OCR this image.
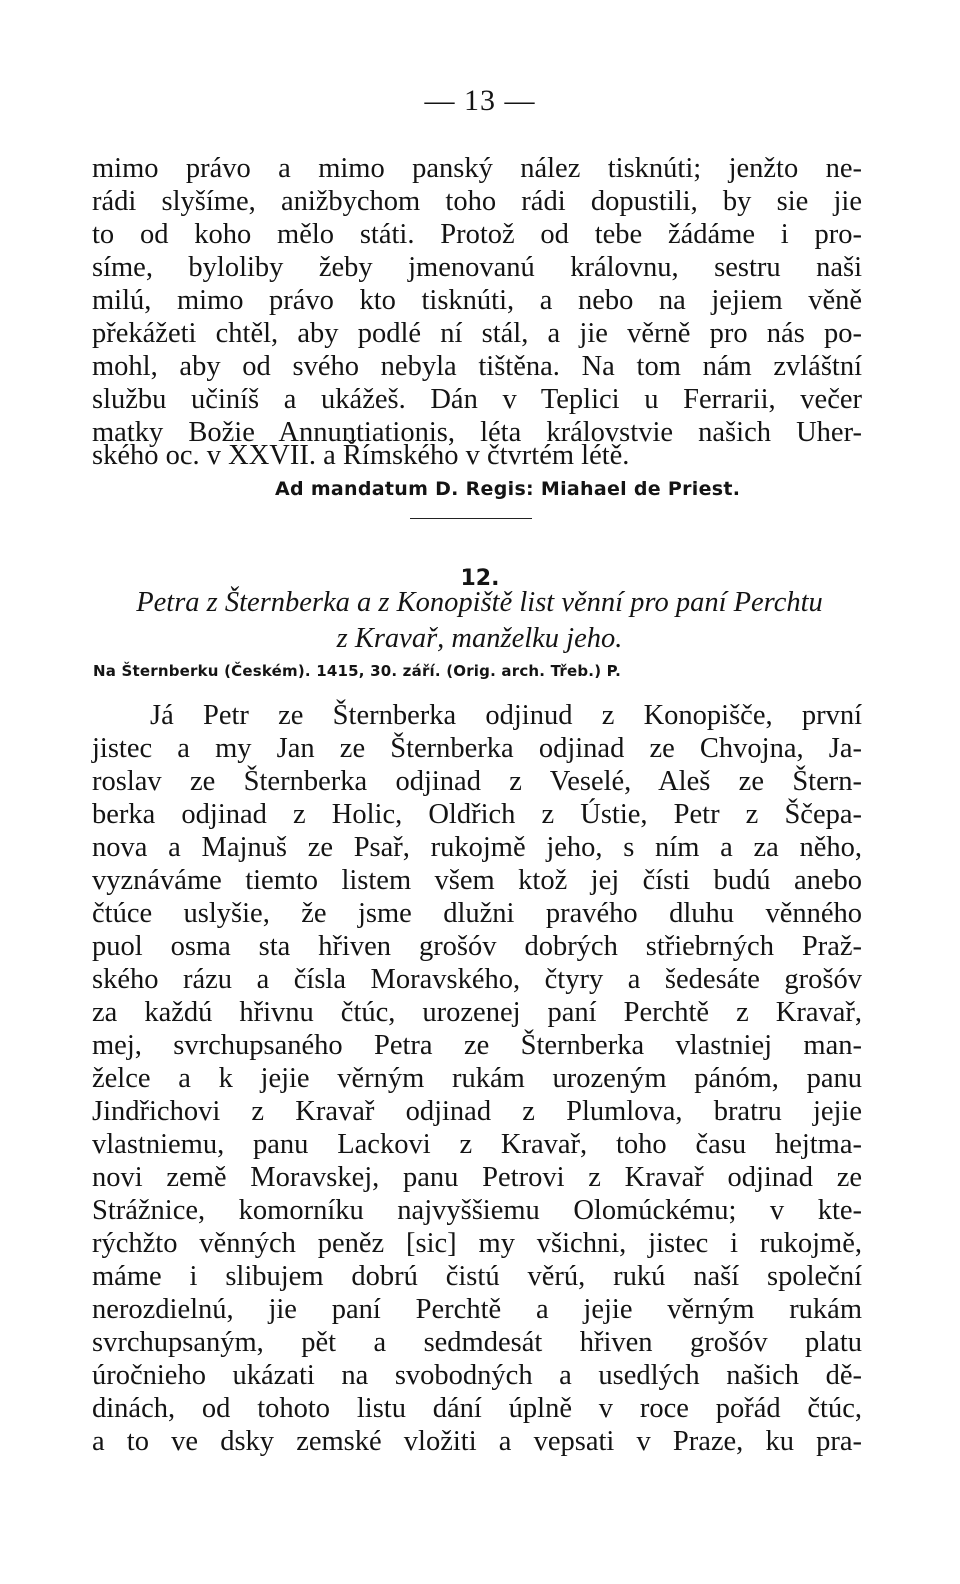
— 13 —
mimo právo a mimo panský nález tisknúti; jenžto ne-
rádi slyšíme, anižbychom toho rádi dopustili, by sie jie
to od koho mělo státi. Protož od tebe žádáme i pro-
síme, byloliby žeby jmenovanú královnu, sestru naši
milú, mimo právo kto tisknúti, a nebo na jejiem věně
překážeti chtěl, aby podlé ní stál, a jie věrně pro nás po-
mohl, aby od svého nebyla tištěna. Na tom nám zvláštní
službu učiníš a ukážeš. Dán v Teplici u Ferrarii, večer
matky Božie Annuntiationis, léta královstvie našich Uher-
ského oc. v XXVII. a Římského v čtvrtém létě.
Ad mandatum D. Regis: Miahael de Priest.
12.
Petra z Šternberka a z Konopiště list věnní pro paní Perchtu
z Kravař, manželku jeho.
Na Šternberku (Českém). 1415, 30. září. (Orig. arch. Třeb.) P.
Já Petr ze Šternberka odjinud z Konopišče, první
jistec a my Jan ze Šternberka odjinad ze Chvojna, Ja-
roslav ze Šternberka odjinad z Veselé, Aleš ze Štern-
berka odjinad z Holic, Oldřich z Ústie, Petr z Ščepa-
nova a Majnuš ze Psař, rukojmě jeho, s ním a za něho,
vyznáváme tiemto listem všem ktož jej čísti budú anebo
čtúce uslyšie, že jsme dlužni pravého dluhu věnného
puol osma sta hřiven grošóv dobrých střiebrných Praž-
ského rázu a čísla Moravského, čtyry a šedesáte grošóv
za každú hřivnu čtúc, urozenej paní Perchtě z Kravař,
mej, svrchupsaného Petra ze Šternberka vlastniej man-
želce a k jejie věrným rukám urozeným pánóm, panu
Jindřichovi z Kravař odjinad z Plumlova, bratru jejie
vlastniemu, panu Lackovi z Kravař, toho času hejtma-
novi země Moravskej, panu Petrovi z Kravař odjinad ze
Strážnice, komorníku najvyššiemu Olomúckému; v kte-
rýchžto věnných peněz [sic] my všichni, jistec i rukojmě,
máme i slibujem dobrú čistú věrú, rukú naší společní
nerozdielnú, jie paní Perchtě a jejie věrným rukám
svrchupsaným, pět a sedmdesát hřiven grošóv platu
úročnieho ukázati na svobodných a usedlých našich dě-
dinách, od tohoto listu dání úplně v roce pořád čtúc,
a to ve dsky zemské vložiti a vepsati v Praze, ku pra-
